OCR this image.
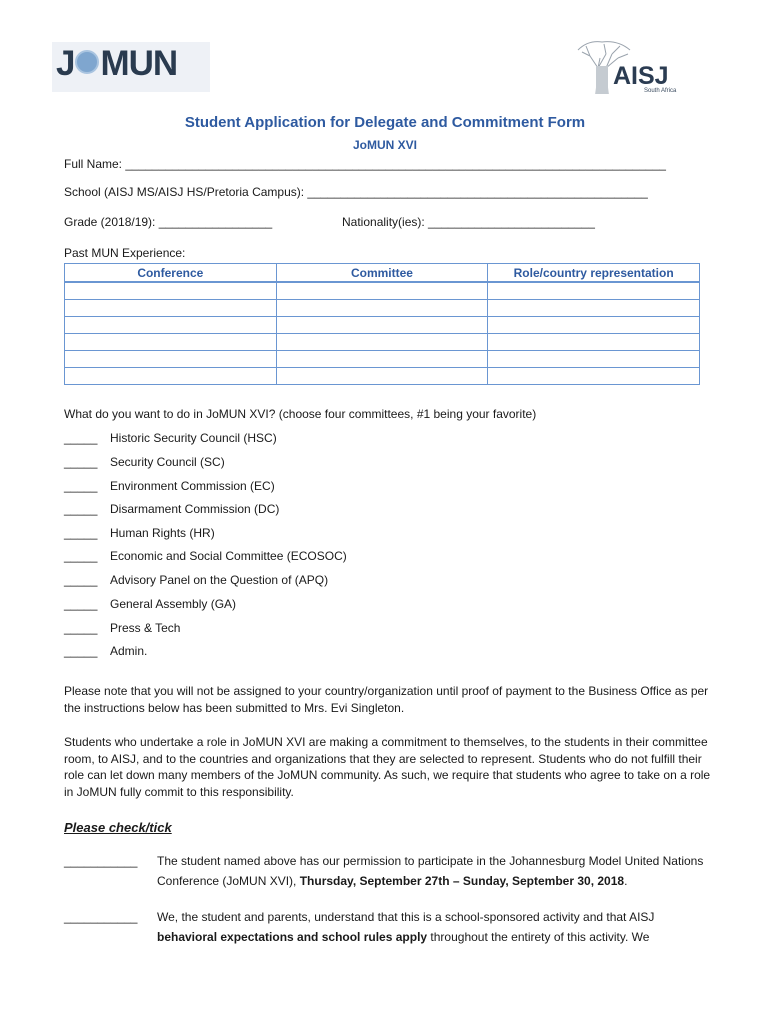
J MUN	AISJ
South Africa
Student Application for Delegate and Commitment Form
JoMUN XVI
Full Name: _________________________________________________________________________________
School (AISJ MS/AISJ HS/Pretoria Campus): ___________________________________________________
Grade (2018/19): _________________	Nationality(ies): _________________________
Past MUN Experience:
Conference	Committee	Role/country representation

What do you want to do in JoMUN XVI? (choose four committees, #1 being your favorite)
_____ Historic Security Council (HSC)
_____ Security Council (SC)
_____ Environment Commission (EC)
_____ Disarmament Commission (DC)
_____ Human Rights (HR)
_____ Economic and Social Committee (ECOSOC)
_____ Advisory Panel on the Question of (APQ)
_____ General Assembly (GA)
_____ Press & Tech
_____ Admin.
Please note that you will not be assigned to your country/organization until proof of payment to the Business Office as per the instructions below has been submitted to Mrs. Evi Singleton.
Students who undertake a role in JoMUN XVI are making a commitment to themselves, to the students in their committee room, to AISJ, and to the countries and organizations that they are selected to represent. Students who do not fulfill their role can let down many members of the JoMUN community. As such, we require that students who agree to take on a role in JoMUN fully commit to this responsibility.
Please check/tick
___________ The student named above has our permission to participate in the Johannesburg Model United Nations Conference (JoMUN XVI), Thursday, September 27th – Sunday, September 30, 2018.
___________ We, the student and parents, understand that this is a school-sponsored activity and that AISJ behavioral expectations and school rules apply throughout the entirety of this activity. We
